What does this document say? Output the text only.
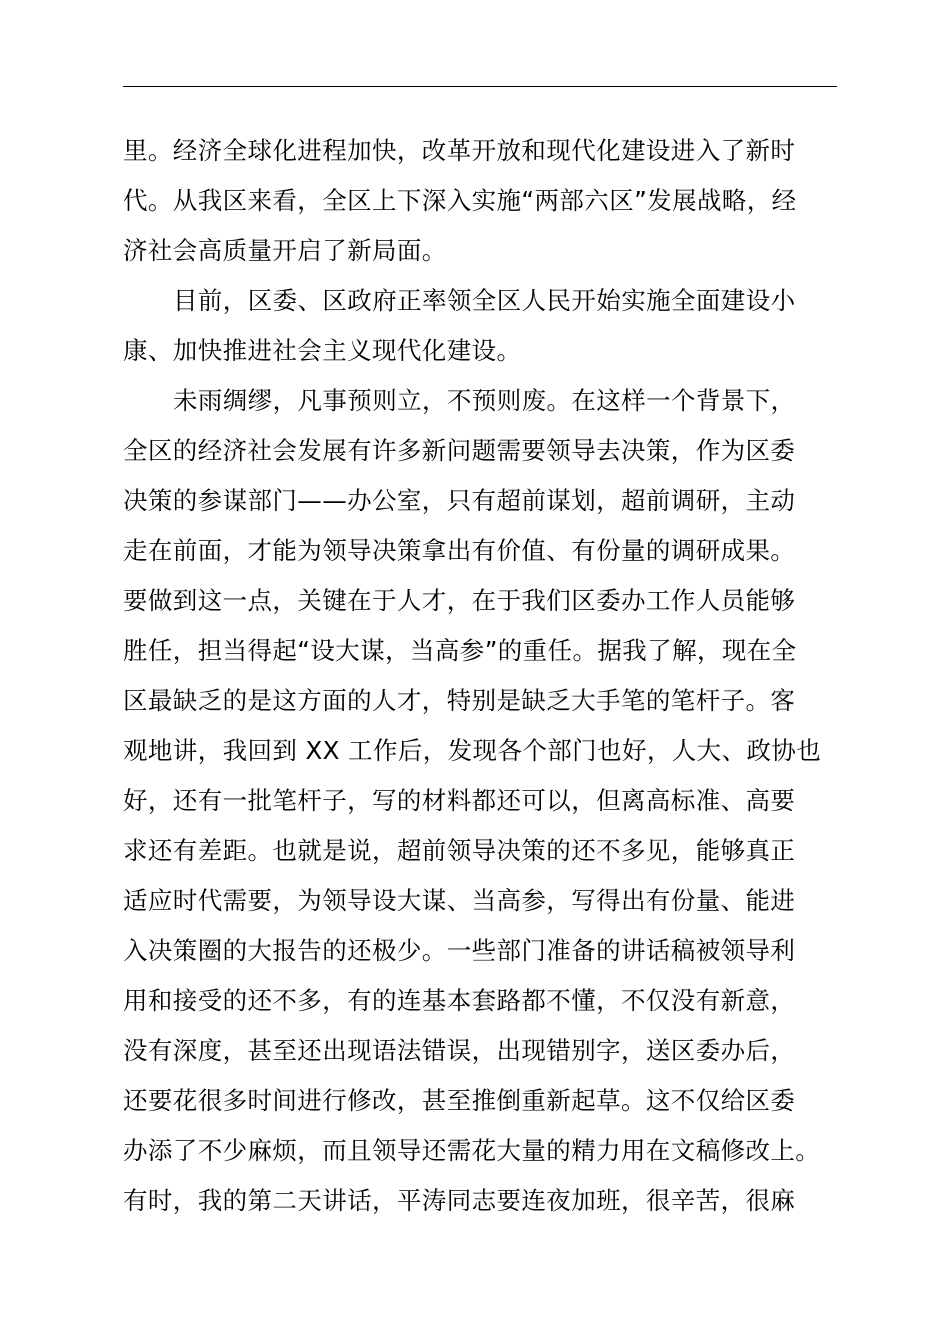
里。经济全球化进程加快，改革开放和现代化建设进入了新时
代。从我区来看，全区上下深入实施“两部六区”发展战略，经
济社会高质量开启了新局面。
目前，区委、区政府正率领全区人民开始实施全面建设小
康、加快推进社会主义现代化建设。
未雨绸缪，凡事预则立，不预则废。在这样一个背景下，
全区的经济社会发展有许多新问题需要领导去决策，作为区委
决策的参谋部门——办公室，只有超前谋划，超前调研，主动
走在前面，才能为领导决策拿出有价值、有份量的调研成果。
要做到这一点，关键在于人才，在于我们区委办工作人员能够
胜任，担当得起“设大谋，当高参”的重任。据我了解，现在全
区最缺乏的是这方面的人才，特别是缺乏大手笔的笔杆子。客
观地讲，我回到 XX 工作后，发现各个部门也好，人大、政协也
好，还有一批笔杆子，写的材料都还可以，但离高标准、高要
求还有差距。也就是说，超前领导决策的还不多见，能够真正
适应时代需要，为领导设大谋、当高参，写得出有份量、能进
入决策圈的大报告的还极少。一些部门准备的讲话稿被领导利
用和接受的还不多，有的连基本套路都不懂，不仅没有新意，
没有深度，甚至还出现语法错误，出现错别字，送区委办后，
还要花很多时间进行修改，甚至推倒重新起草。这不仅给区委
办添了不少麻烦，而且领导还需花大量的精力用在文稿修改上。
有时，我的第二天讲话，平涛同志要连夜加班，很辛苦，很麻
